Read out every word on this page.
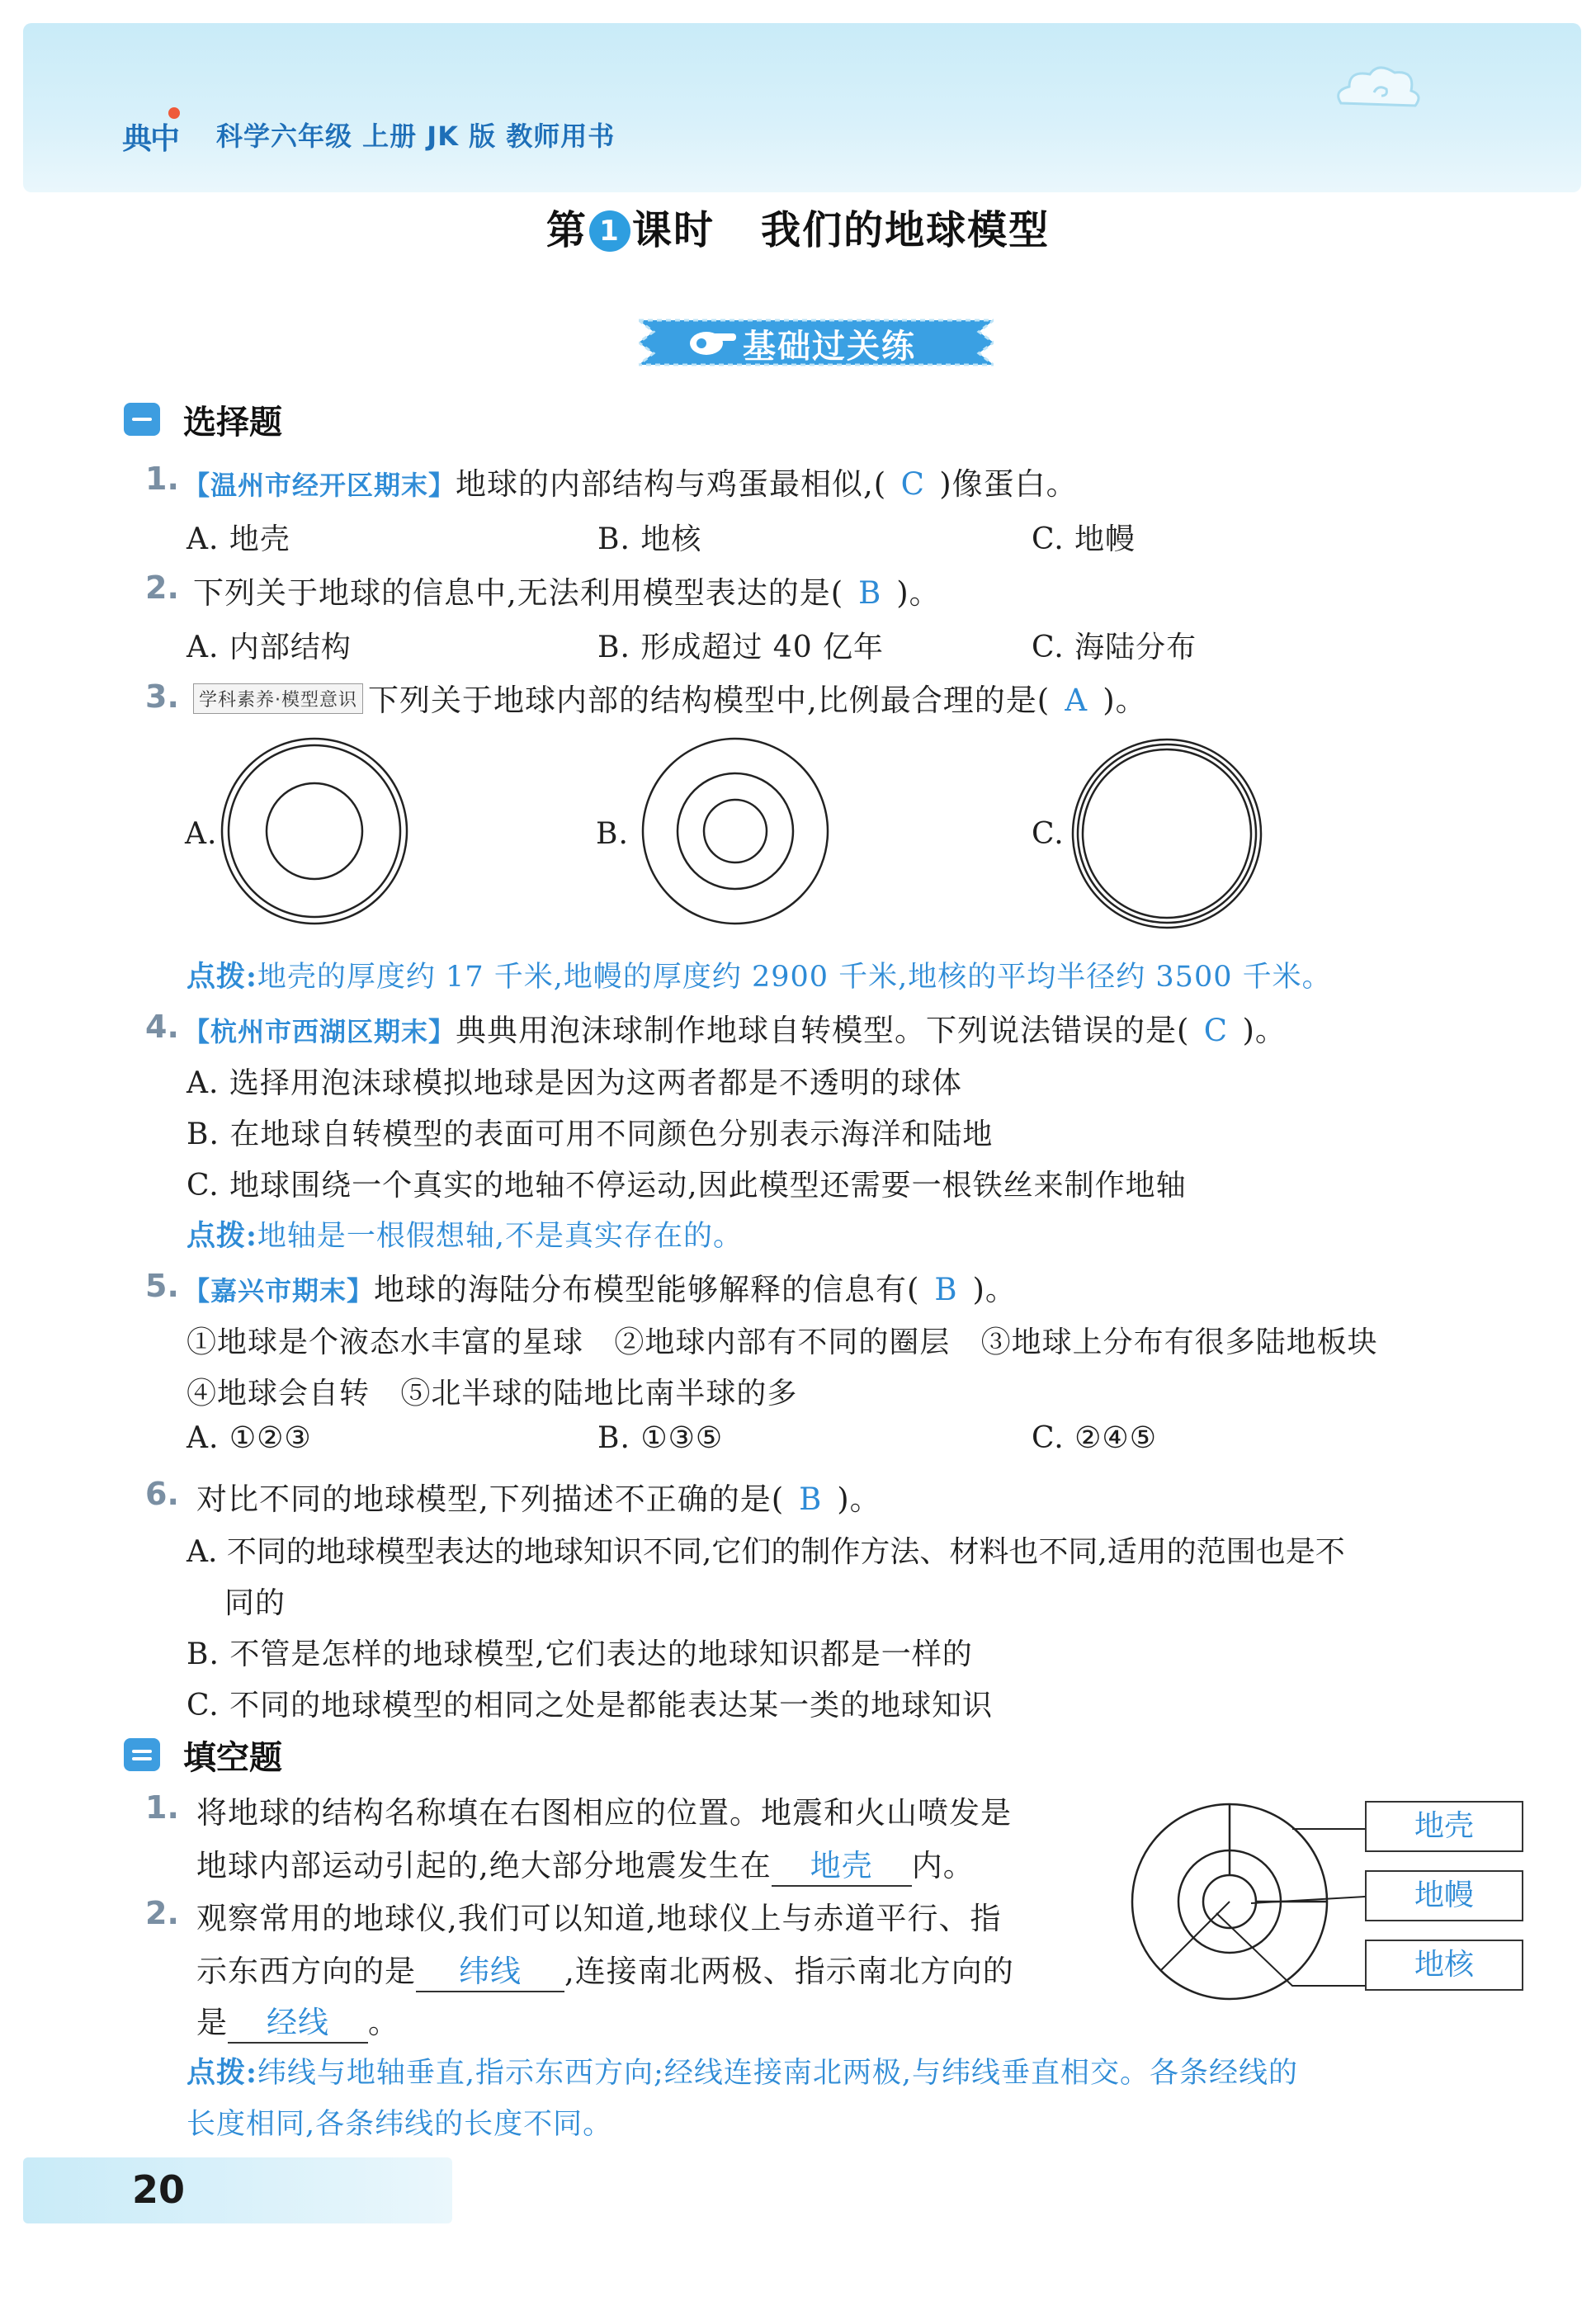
典中 科学六年级 上册 JK 版 教师用书
第 1 课时   我们的地球模型
基础过关练
选择题
1. 【温州市经开区期末】地球的内部结构与鸡蛋最相似,( C )像蛋白。
A. 地壳	B. 地核	C. 地幔
2. 下列关于地球的信息中,无法利用模型表达的是( B )。
A. 内部结构	B. 形成超过 40 亿年	C. 海陆分布
3.	学科素养·模型意识 下列关于地球内部的结构模型中,比例最合理的是( A )。
A.	B.	C.
点拨:地壳的厚度约 17 千米,地幔的厚度约 2900 千米,地核的平均半径约 3500 千米。
4. 【杭州市西湖区期末】典典用泡沫球制作地球自转模型。下列说法错误的是( C )。
A. 选择用泡沫球模拟地球是因为这两者都是不透明的球体
B. 在地球自转模型的表面可用不同颜色分别表示海洋和陆地
C. 地球围绕一个真实的地轴不停运动,因此模型还需要一根铁丝来制作地轴
点拨:地轴是一根假想轴,不是真实存在的。
5. 【嘉兴市期末】地球的海陆分布模型能够解释的信息有( B )。
①地球是个液态水丰富的星球   ②地球内部有不同的圈层   ③地球上分布有很多陆地板块
④地球会自转   ⑤北半球的陆地比南半球的多
A. ①②③	B. ①③⑤	C. ②④⑤
6. 对比不同的地球模型,下列描述不正确的是( B )。
A. 不同的地球模型表达的地球知识不同,它们的制作方法、材料也不同,适用的范围也是不
同的
B. 不管是怎样的地球模型,它们表达的地球知识都是一样的
C. 不同的地球模型的相同之处是都能表达某一类的地球知识
填空题
1. 将地球的结构名称填在右图相应的位置。地震和火山喷发是
地球内部运动引起的,绝大部分地震发生在 地壳 内。
地壳
地幔
地核
2. 观察常用的地球仪,我们可以知道,地球仪上与赤道平行、指
示东西方向的是 纬线 ,连接南北两极、指示南北方向的
是 经线 。
点拨:纬线与地轴垂直,指示东西方向;经线连接南北两极,与纬线垂直相交。各条经线的
长度相同,各条纬线的长度不同。
20
